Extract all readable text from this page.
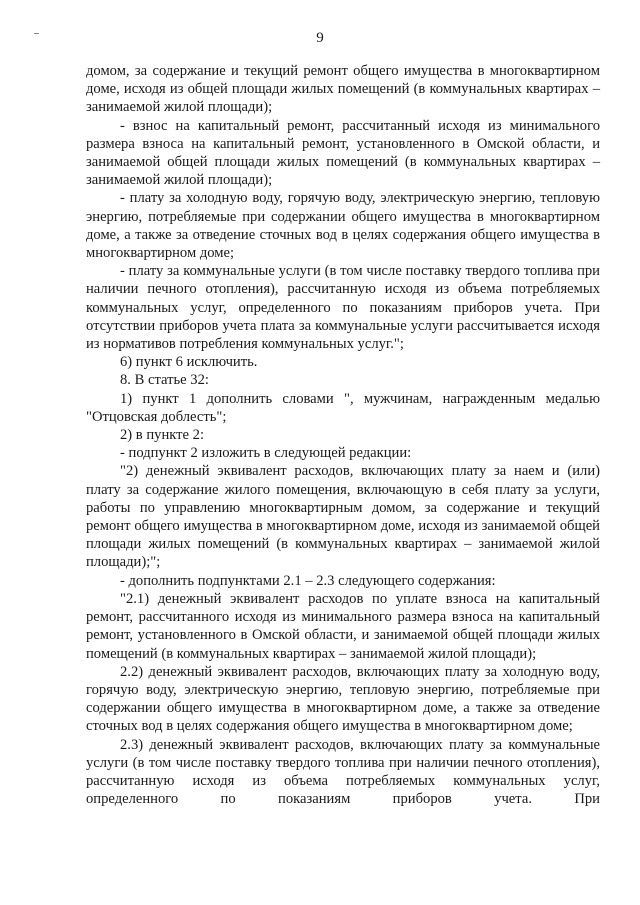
9

домом, за содержание и текущий ремонт общего имущества в многоквартирном доме, исходя из общей площади жилых помещений (в коммунальных квартирах – занимаемой жилой площади);

- взнос на капитальный ремонт, рассчитанный исходя из минимального размера взноса на капитальный ремонт, установленного в Омской области, и занимаемой общей площади жилых помещений (в коммунальных квартирах – занимаемой жилой площади);

- плату за холодную воду, горячую воду, электрическую энергию, тепловую энергию, потребляемые при содержании общего имущества в многоквартирном доме, а также за отведение сточных вод в целях содержания общего имущества в многоквартирном доме;

- плату за коммунальные услуги (в том числе поставку твердого топлива при наличии печного отопления), рассчитанную исходя из объема потребляемых коммунальных услуг, определенного по показаниям приборов учета. При отсутствии приборов учета плата за коммунальные услуги рассчитывается исходя из нормативов потребления коммунальных услуг.";

6) пункт 6 исключить.

8. В статье 32:

1) пункт 1 дополнить словами ", мужчинам, награжденным медалью "Отцовская доблесть";

2) в пункте 2:

- подпункт 2 изложить в следующей редакции:

"2) денежный эквивалент расходов, включающих плату за наем и (или) плату за содержание жилого помещения, включающую в себя плату за услуги, работы по управлению многоквартирным домом, за содержание и текущий ремонт общего имущества в многоквартирном доме, исходя из занимаемой общей площади жилых помещений (в коммунальных квартирах – занимаемой жилой площади);";

- дополнить подпунктами 2.1 – 2.3 следующего содержания:

"2.1) денежный эквивалент расходов по уплате взноса на капитальный ремонт, рассчитанного исходя из минимального размера взноса на капитальный ремонт, установленного в Омской области, и занимаемой общей площади жилых помещений (в коммунальных квартирах – занимаемой жилой площади);

2.2) денежный эквивалент расходов, включающих плату за холодную воду, горячую воду, электрическую энергию, тепловую энергию, потребляемые при содержании общего имущества в многоквартирном доме, а также за отведение сточных вод в целях содержания общего имущества в многоквартирном доме;

2.3) денежный эквивалент расходов, включающих плату за коммунальные услуги (в том числе поставку твердого топлива при наличии печного отопления), рассчитанную исходя из объема потребляемых коммунальных услуг, определенного по показаниям приборов учета. При
